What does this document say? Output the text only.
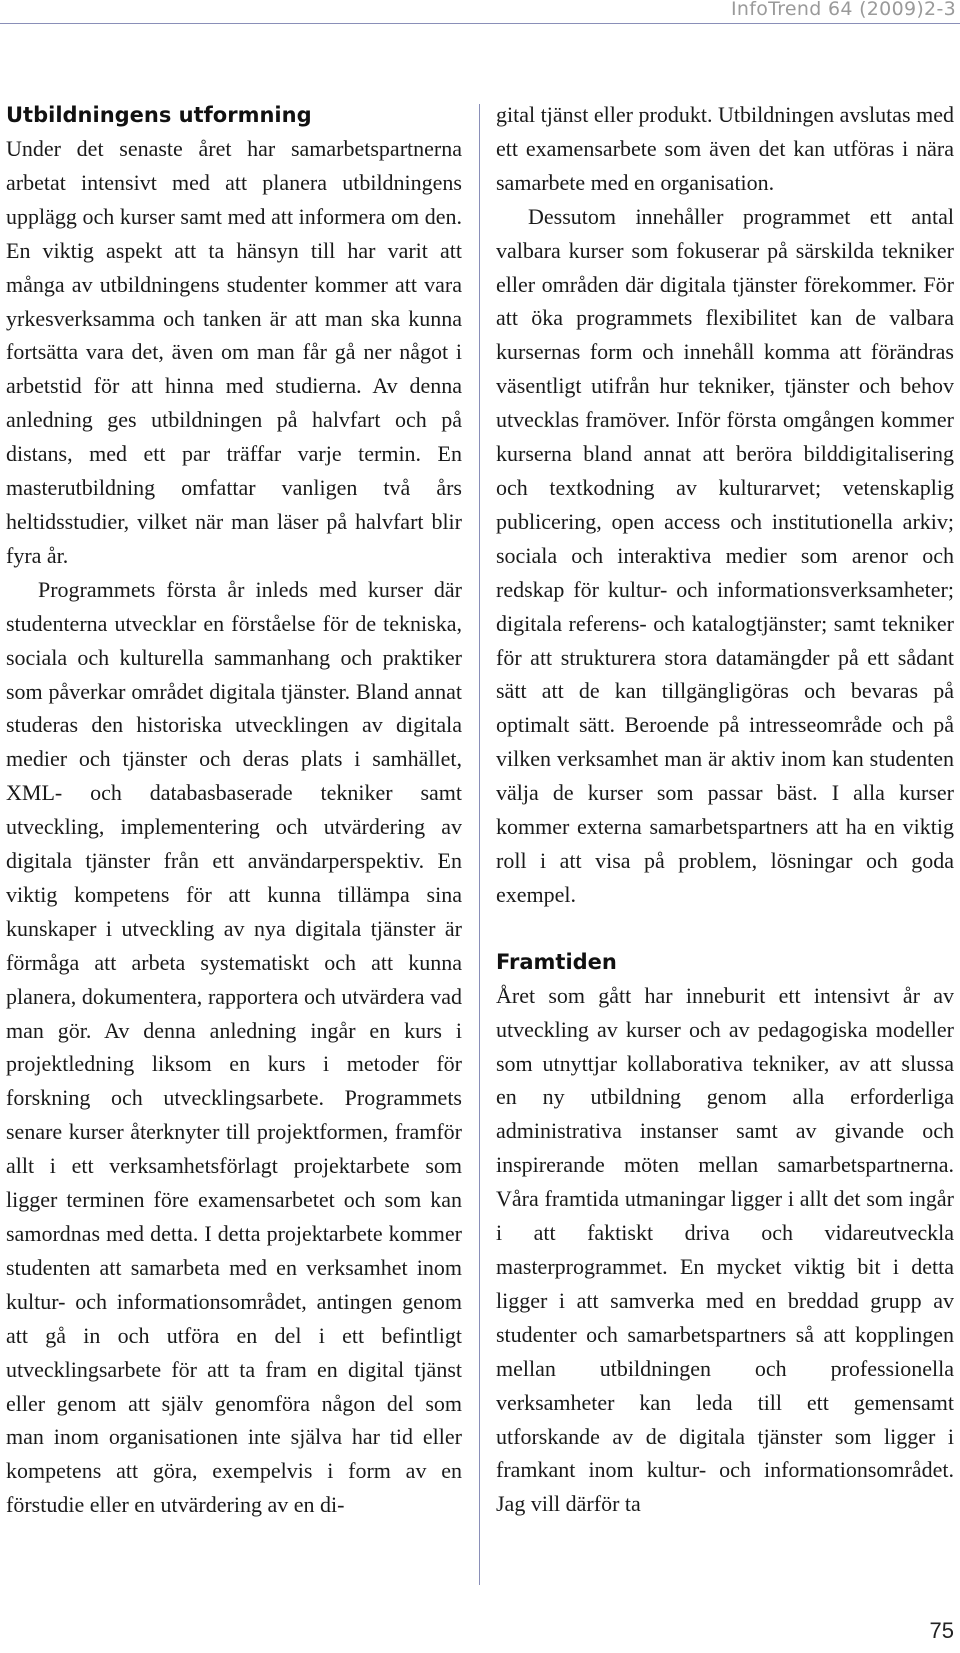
InfoTrend 64 (2009)2-3
Utbildningens utformning

Under det senaste året har samarbetspartnerna arbetat intensivt med att planera utbildningens upplägg och kurser samt med att informera om den. En viktig aspekt att ta hänsyn till har varit att många av utbildningens studenter kommer att vara yrkesverksamma och tanken är att man ska kunna fortsätta vara det, även om man får gå ner något i arbetstid för att hinna med studierna. Av denna anledning ges utbildningen på halvfart och på distans, med ett par träffar varje termin. En masterutbildning omfattar vanligen två års heltidsstudier, vilket när man läser på halvfart blir fyra år.

Programmets första år inleds med kurser där studenterna utvecklar en förståelse för de tekniska, sociala och kulturella sammanhang och praktiker som påverkar området digitala tjänster. Bland annat studeras den historiska utvecklingen av digitala medier och tjänster och deras plats i samhället, XML- och databasbaserade tekniker samt utveckling, implementering och utvärdering av digitala tjänster från ett användarperspektiv. En viktig kompetens för att kunna tillämpa sina kunskaper i utveckling av nya digitala tjänster är förmåga att arbeta systematiskt och att kunna planera, dokumentera, rapportera och utvärdera vad man gör. Av denna anledning ingår en kurs i projektledning liksom en kurs i metoder för forskning och utvecklingsarbete. Programmets senare kurser återknyter till projektformen, framför allt i ett verksamhetsförlagt projektarbete som ligger terminen före examensarbetet och som kan samordnas med detta. I detta projektarbete kommer studenten att samarbeta med en verksamhet inom kultur- och informationsområdet, antingen genom att gå in och utföra en del i ett befintligt utvecklingsarbete för att ta fram en digital tjänst eller genom att själv genomföra någon del som man inom organisationen inte själva har tid eller kompetens att göra, exempelvis i form av en förstudie eller en utvärdering av en di-

gital tjänst eller produkt. Utbildningen avslutas med ett examensarbete som även det kan utföras i nära samarbete med en organisation.

Dessutom innehåller programmet ett antal valbara kurser som fokuserar på särskilda tekniker eller områden där digitala tjänster förekommer. För att öka programmets flexibilitet kan de valbara kursernas form och innehåll komma att förändras väsentligt utifrån hur tekniker, tjänster och behov utvecklas framöver. Inför första omgången kommer kurserna bland annat att beröra bilddigitalisering och textkodning av kulturarvet; vetenskaplig publicering, open access och institutionella arkiv; sociala och interaktiva medier som arenor och redskap för kultur- och informationsverksamheter; digitala referens- och katalogtjänster; samt tekniker för att strukturera stora datamängder på ett sådant sätt att de kan tillgängligöras och bevaras på optimalt sätt. Beroende på intresseområde och på vilken verksamhet man är aktiv inom kan studenten välja de kurser som passar bäst. I alla kurser kommer externa samarbetspartners att ha en viktig roll i att visa på problem, lösningar och goda exempel.

Framtiden

Året som gått har inneburit ett intensivt år av utveckling av kurser och av pedagogiska modeller som utnyttjar kollaborativa tekniker, av att slussa en ny utbildning genom alla erforderliga administrativa instanser samt av givande och inspirerande möten mellan samarbetspartnerna. Våra framtida utmaningar ligger i allt det som ingår i att faktiskt driva och vidareutveckla masterprogrammet. En mycket viktig bit i detta ligger i att samverka med en breddad grupp av studenter och samarbetspartners så att kopplingen mellan utbildningen och professionella verksamheter kan leda till ett gemensamt utforskande av de digitala tjänster som ligger i framkant inom kultur- och informationsområdet. Jag vill därför ta

75
